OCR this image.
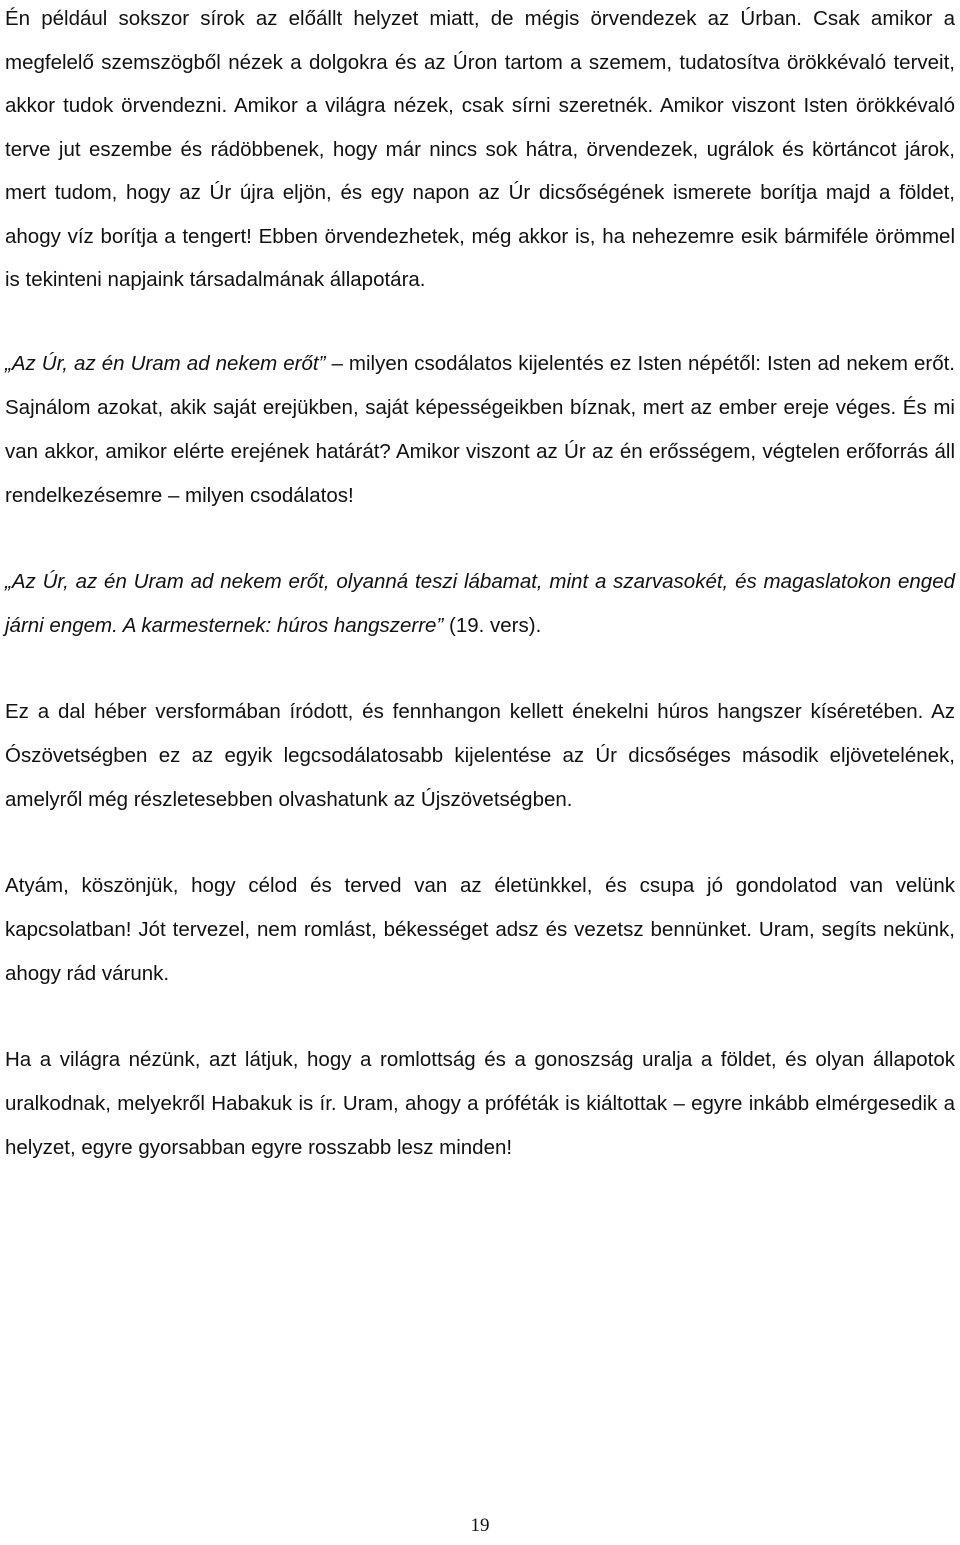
Én például sokszor sírok az előállt helyzet miatt, de mégis örvendezek az Úrban. Csak amikor a megfelelő szemszögből nézek a dolgokra és az Úron tartom a szemem, tudatosítva örökkévaló terveit, akkor tudok örvendezni. Amikor a világra nézek, csak sírni szeretnék. Amikor viszont Isten örökkévaló terve jut eszembe és rádöbbenek, hogy már nincs sok hátra, örvendezek, ugrálok és körtáncot járok, mert tudom, hogy az Úr újra eljön, és egy napon az Úr dicsőségének ismerete borítja majd a földet, ahogy víz borítja a tengert! Ebben örvendezhetek, még akkor is, ha nehezemre esik bármiféle örömmel is tekinteni napjaink társadalmának állapotára.

„Az Úr, az én Uram ad nekem erőt” – milyen csodálatos kijelentés ez Isten népétől: Isten ad nekem erőt. Sajnálom azokat, akik saját erejükben, saját képességeikben bíznak, mert az ember ereje véges. És mi van akkor, amikor elérte erejének határát? Amikor viszont az Úr az én erősségem, végtelen erőforrás áll rendelkezésemre – milyen csodálatos!

„Az Úr, az én Uram ad nekem erőt, olyanná teszi lábamat, mint a szarvasokét, és magaslatokon enged járni engem. A karmesternek: húros hangszerre” (19. vers).

Ez a dal héber versformában íródott, és fennhangon kellett énekelni húros hangszer kíséretében. Az Ószövetségben ez az egyik legcsodálatosabb kijelentése az Úr dicsőséges második eljövetelének, amelyről még részletesebben olvashatunk az Újszövetségben.

Atyám, köszönjük, hogy célod és terved van az életünkkel, és csupa jó gondolatod van velünk kapcsolatban! Jót tervezel, nem romlást, békességet adsz és vezetsz bennünket. Uram, segíts nekünk, ahogy rád várunk.

Ha a világra nézünk, azt látjuk, hogy a romlottság és a gonoszság uralja a földet, és olyan állapotok uralkodnak, melyekről Habakuk is ír. Uram, ahogy a próféták is kiáltottak – egyre inkább elmérgesedik a helyzet, egyre gyorsabban egyre rosszabb lesz minden!

19
